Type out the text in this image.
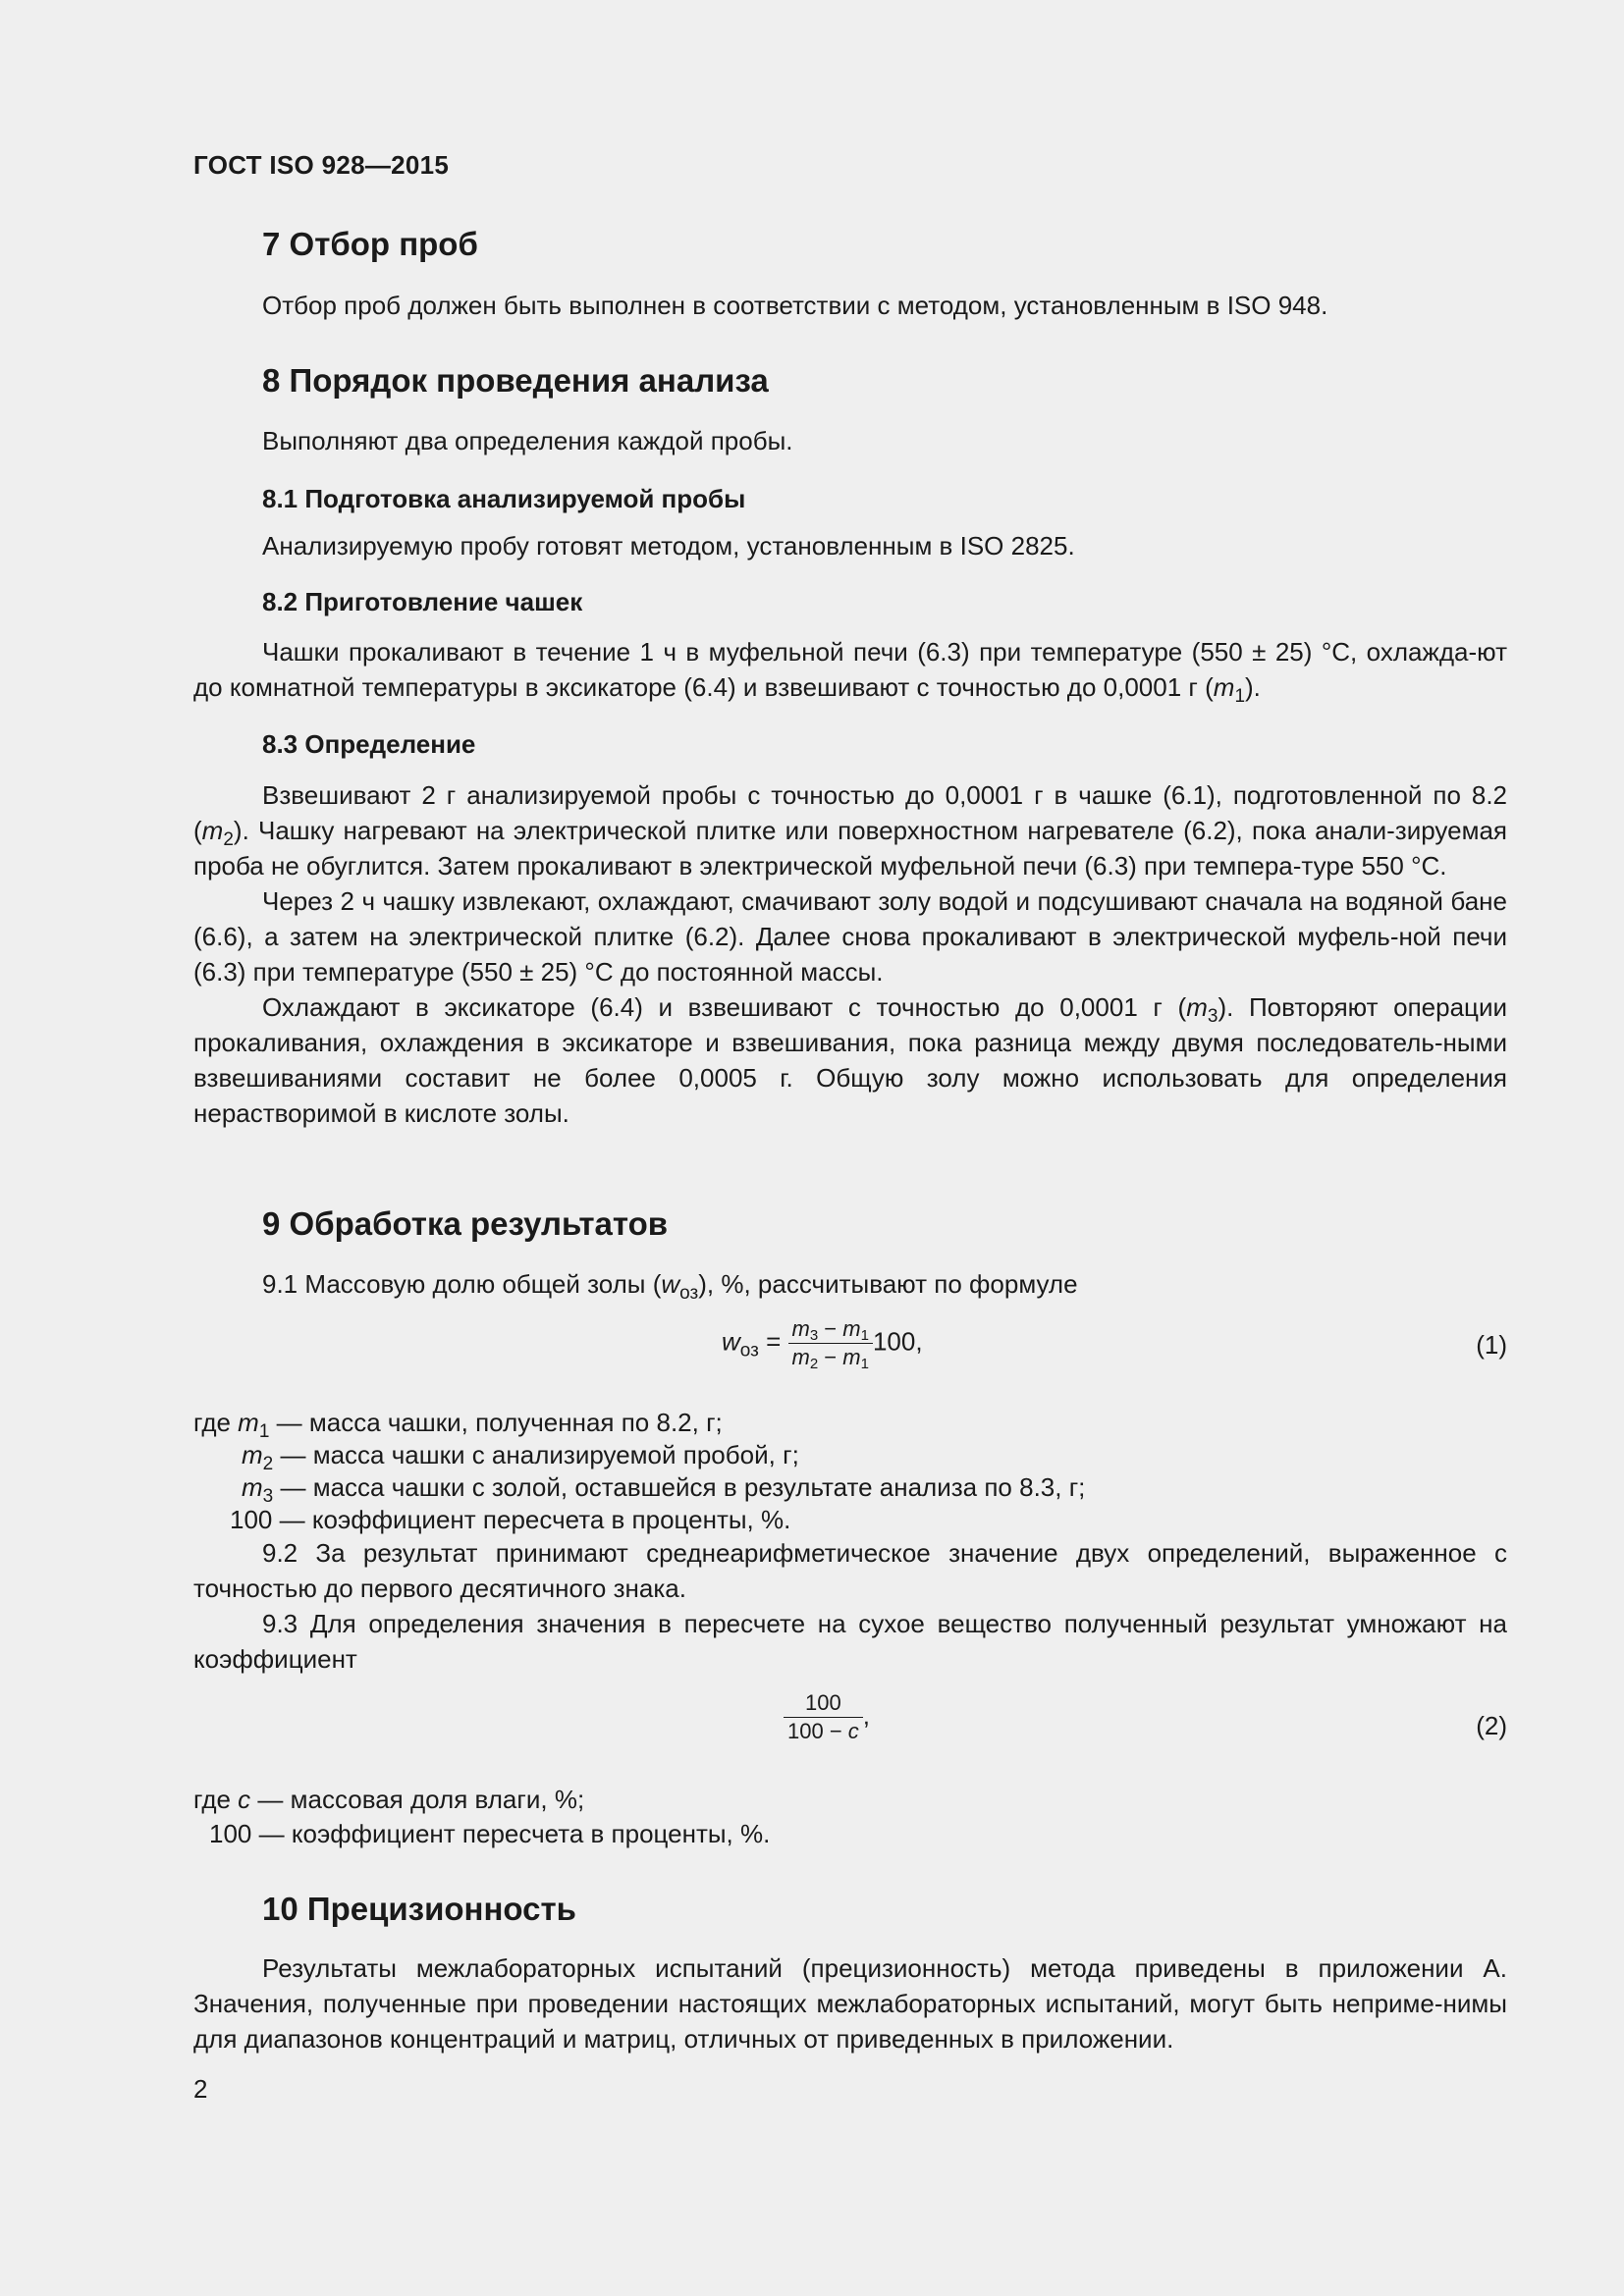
ГОСТ ISO 928—2015
7 Отбор проб
Отбор проб должен быть выполнен в соответствии с методом, установленным в ISO 948.
8 Порядок проведения анализа
Выполняют два определения каждой пробы.
8.1 Подготовка анализируемой пробы
Анализируемую пробу готовят методом, установленным в ISO 2825.
8.2 Приготовление чашек

Чашки прокаливают в течение 1 ч в муфельной печи (6.3) при температуре (550 ± 25) °С, охлажда-ют до комнатной температуры в эксикаторе (6.4) и взвешивают с точностью до 0,0001 г $(m_1)$.

8.3 Определение

Взвешивают 2 г анализируемой пробы с точностью до 0,0001 г в чашке (6.1), подготовленной по 8.2 $(m_2)$. Чашку нагревают на электрической плитке или поверхностном нагревателе (6.2), пока анали-зируемая проба не обуглится. Затем прокаливают в электрической муфельной печи (6.3) при темпера-туре 550 °С.

Через 2 ч чашку извлекают, охлаждают, смачивают золу водой и подсушивают сначала на водяной бане (6.6), а затем на электрической плитке (6.2). Далее снова прокаливают в электрической муфель-ной печи (6.3) при температуре (550 ± 25) °С до постоянной массы.

Охлаждают в эксикаторе (6.4) и взвешивают с точностью до 0,0001 г $(m_3)$. Повторяют операции прокаливания, охлаждения в эксикаторе и взвешивания, пока разница между двумя последователь-ными взвешиваниями составит не более 0,0005 г. Общую золу можно использовать для определения нерастворимой в кислоте золы.

9 Обработка результатов
9.1 Массовую долю общей золы $(w_{оз})$, %, рассчитывают по формуле
$w_{оз} = \frac{m3 - m1}{m2 - m1} 100$,	(1)
где $m_1$ — масса чашки, полученная по 8.2, г;
$m_2$ — масса чашки с анализируемой пробой, г;
$m_3$ — масса чашки с золой, оставшейся в результате анализа по 8.3, г;
100 — коэффициент пересчета в проценты, %.

9.2 За результат принимают среднеарифметическое значение двух определений, выраженное с точностью до первого десятичного знака.

9.3 Для определения значения в пересчете на сухое вещество полученный результат умножают на коэффициент

$\frac{100}{100 - c}$ ,	(2)
где c — массовая доля влаги, %;
100 — коэффициент пересчета в проценты, %.
10 Прецизионность

Результаты межлабораторных испытаний (прецизионность) метода приведены в приложении А. Значения, полученные при проведении настоящих межлабораторных испытаний, могут быть неприме-нимы для диапазонов концентраций и матриц, отличных от приведенных в приложении.

2
